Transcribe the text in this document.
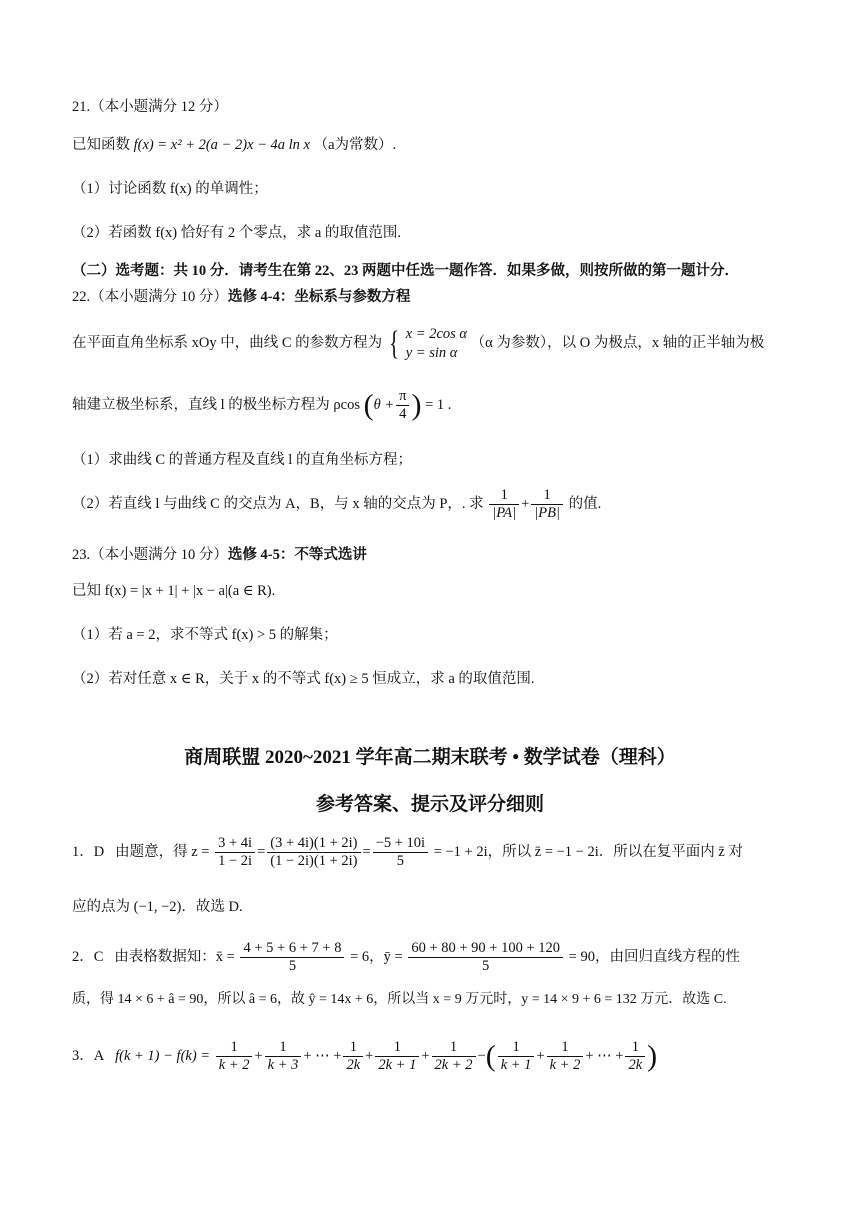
21.（本小题满分 12 分）
已知函数 f(x) = x² + 2(a − 2)x − 4a ln x （a为常数）.
（1）讨论函数 f(x) 的单调性；
（2）若函数 f(x) 恰好有 2 个零点，求 a 的取值范围.
（二）选考题：共 10 分．请考生在第 22、23 两题中任选一题作答．如果多做，则按所做的第一题计分．
22.（本小题满分 10 分）选修 4-4：坐标系与参数方程
在平面直角坐标系 xOy 中，曲线 C 的参数方程为 { x = 2cos α
y = sin α
（α 为参数），以 O 为极点，x 轴的正半轴为极
轴建立极坐标系，直线 l 的极坐标方程为 ρcos ($\theta + \frac{\pi}{4}$ ) = 1 .
（1）求曲线 C 的普通方程及直线 l 的直角坐标方程；
（2）若直线 l 与曲线 C 的交点为 A，B，与 x 轴的交点为 P，. 求 $\frac{1}{|PA|} + \frac{1}{|PB|}$ 的值.
23.（本小题满分 10 分）选修 4-5：不等式选讲
已知 f(x) = |x + 1| + |x − a|(a ∈ R).
（1）若 a = 2，求不等式 f(x) > 5 的解集；
（2）若对任意 x ∈ R，关于 x 的不等式 f(x) ≥ 5 恒成立，求 a 的取值范围.
商周联盟 2020~2021 学年高二期末联考 • 数学试卷（理科）
参考答案、提示及评分细则
1．D 由题意，得 $z = \frac{3 + 4i}{1 - 2i} = \frac{(3 + 4i)(1 + 2i)}{(1 - 2i)(1 + 2i)} = \frac{-5 + 10i}{5} = -1 + 2i$，所以 z̄ = −1 − 2i．所以在复平面内 z̄ 对
应的点为 (−1, −2)．故选 D.
2．C 由表格数据知：x̄ = $\frac{4 + 5 + 6 + 7 + 8}{5} = 6$，ȳ = $\frac{60 + 80 + 90 + 100 + 120}{5} = 90$，由回归直线方程的性
质，得 14 × 6 + â = 90，所以 â = 6，故 ŷ = 14x + 6，所以当 x = 9 万元时，y = 14 × 9 + 6 = 132 万元．故选 C.
3．A $f(k + 1) - f(k) = \frac{1}{k + 2} + \frac{1}{k + 3}$ + ⋯ + $\frac{1}{2k} + \frac{1}{2k + 1} + \frac{1}{2k + 2}$ −( $\frac{1}{k + 1} + \frac{1}{k + 2}$ + ⋯ + $\frac{1}{2k}$ )
